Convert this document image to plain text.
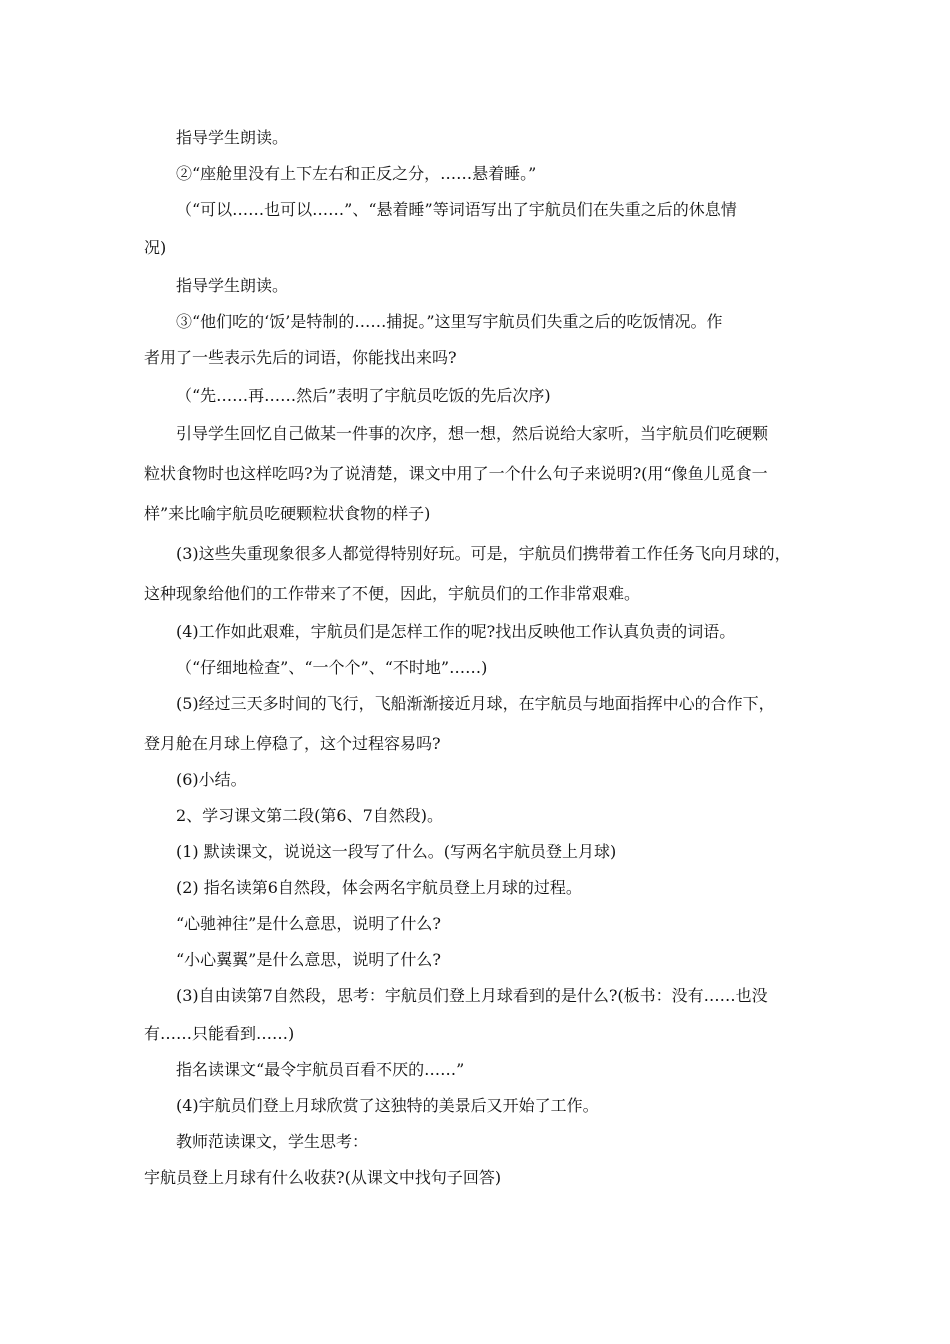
指导学生朗读。
②“座舱里没有上下左右和正反之分，……悬着睡。”
（“可以……也可以……”、“悬着睡”等词语写出了宇航员们在失重之后的休息情
况)
指导学生朗读。
③“他们吃的‘饭’是特制的……捕捉。”这里写宇航员们失重之后的吃饭情况。作
者用了一些表示先后的词语，你能找出来吗?
（“先……再……然后”表明了宇航员吃饭的先后次序)
引导学生回忆自己做某一件事的次序，想一想，然后说给大家听，当宇航员们吃硬颗
粒状食物时也这样吃吗?为了说清楚，课文中用了一个什么句子来说明?(用“像鱼儿觅食一
样”来比喻宇航员吃硬颗粒状食物的样子)
(3)这些失重现象很多人都觉得特别好玩。可是，宇航员们携带着工作任务飞向月球的，
这种现象给他们的工作带来了不便，因此，宇航员们的工作非常艰难。
(4)工作如此艰难，宇航员们是怎样工作的呢?找出反映他工作认真负责的词语。
（“仔细地检查”、“一个个”、“不时地”……)
(5)经过三天多时间的飞行，飞船渐渐接近月球，在宇航员与地面指挥中心的合作下，
登月舱在月球上停稳了，这个过程容易吗?
(6)小结。
2、学习课文第二段(第6、7自然段)。
(1) 默读课文，说说这一段写了什么。(写两名宇航员登上月球)
(2) 指名读第6自然段，体会两名宇航员登上月球的过程。
“心驰神往”是什么意思，说明了什么?
“小心翼翼”是什么意思，说明了什么?
(3)自由读第7自然段，思考：宇航员们登上月球看到的是什么?(板书：没有……也没
有……只能看到……)
指名读课文“最令宇航员百看不厌的……”
(4)宇航员们登上月球欣赏了这独特的美景后又开始了工作。
教师范读课文，学生思考：
宇航员登上月球有什么收获?(从课文中找句子回答)
